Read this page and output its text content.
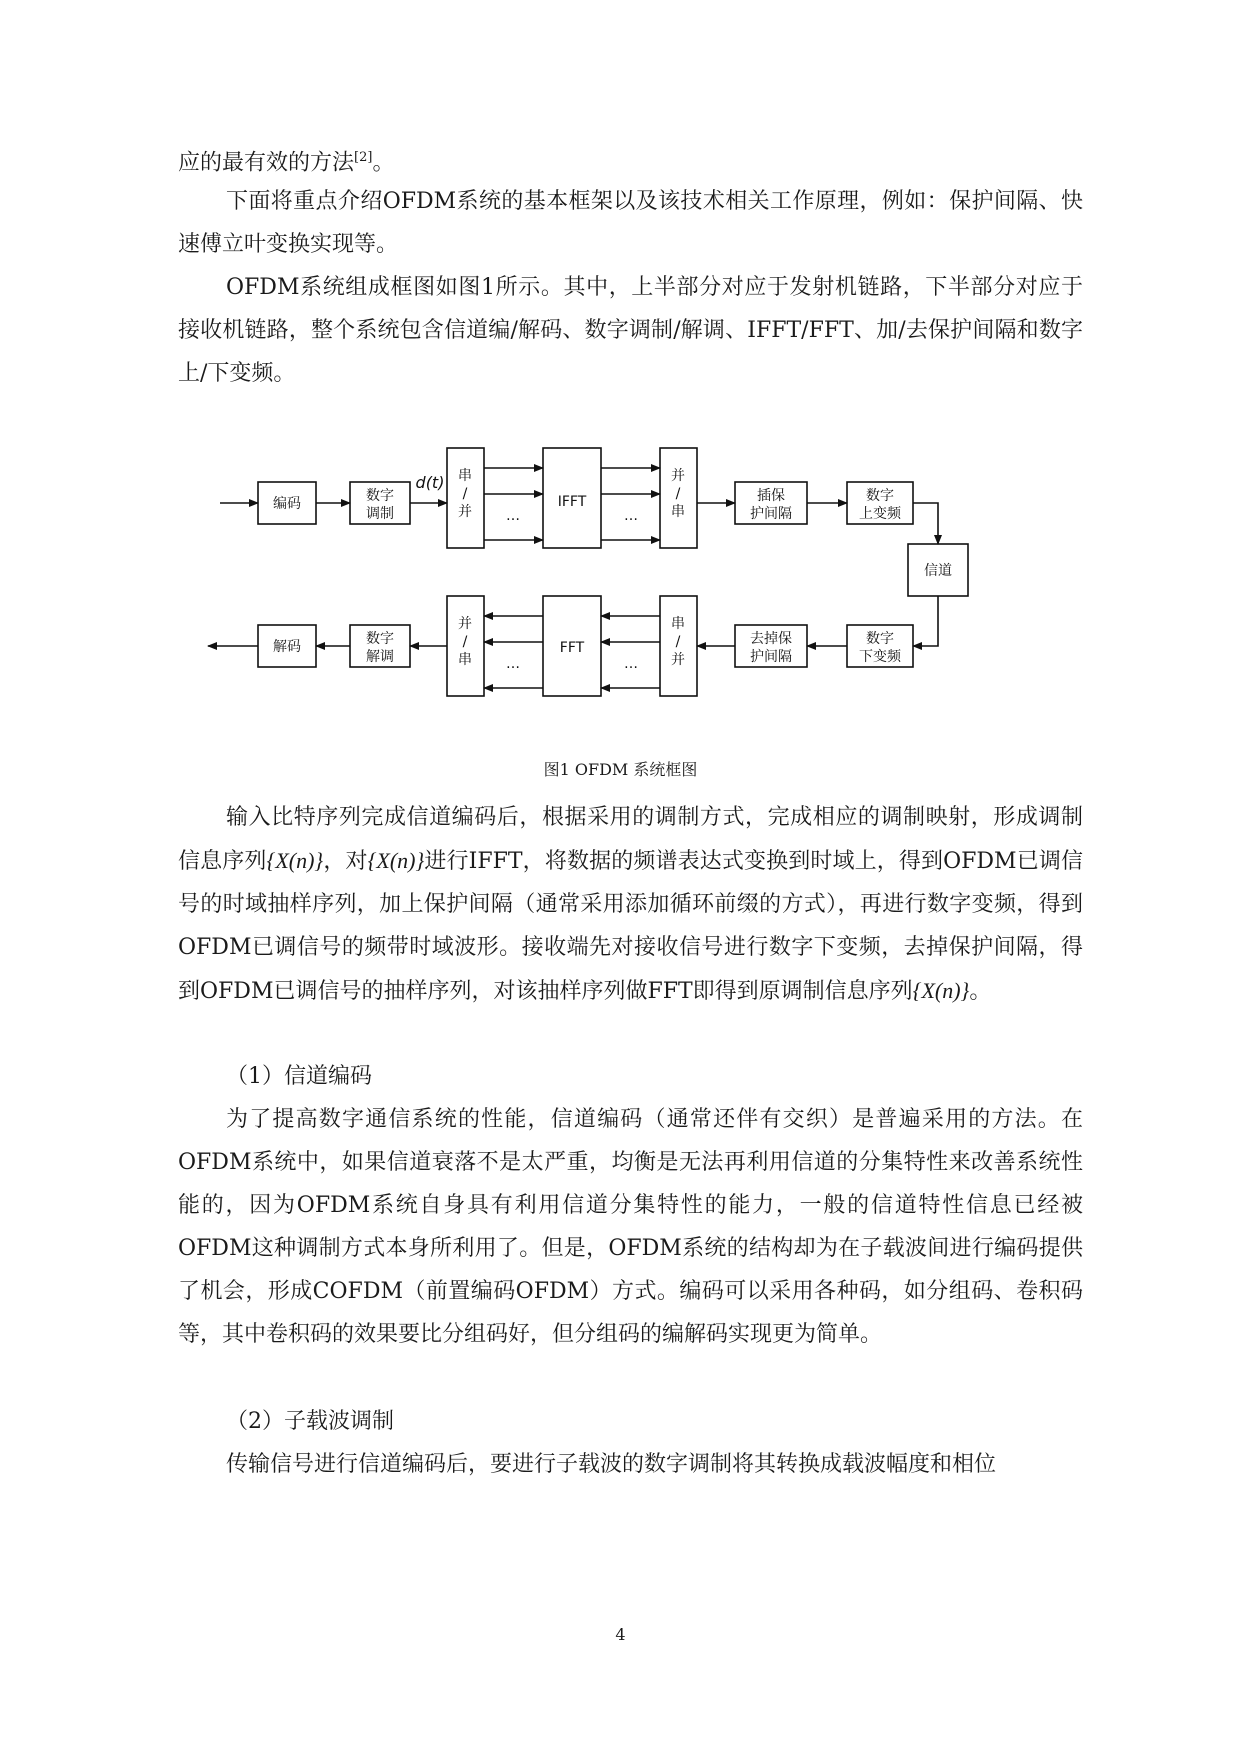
应的最有效的方法[2]。

下面将重点介绍OFDM系统的基本框架以及该技术相关工作原理，例如：保护间隔、快速傅立叶变换实现等。

OFDM系统组成框图如图1所示。其中，上半部分对应于发射机链路，下半部分对应于接收机链路，整个系统包含信道编/解码、数字调制/解调、IFFT/FFT、加/去保护间隔和数字上/下变频。

编码	数字
调制
d(t) 串
/
并 …
IFFT
…
并
/
串
插保
护间隔
数字
上变频
信道
数字
下变频
去掉保
护间隔
串
/
并
…
FFT
…
并
/
串
数字
解调
解码
图1 OFDM 系统框图

输入比特序列完成信道编码后，根据采用的调制方式，完成相应的调制映射，形成调制信息序列{X(n)}，对{X(n)}进行IFFT，将数据的频谱表达式变换到时域上，得到OFDM已调信号的时域抽样序列，加上保护间隔（通常采用添加循环前缀的方式），再进行数字变频，得到OFDM已调信号的频带时域波形。接收端先对接收信号进行数字下变频，去掉保护间隔，得到OFDM已调信号的抽样序列，对该抽样序列做FFT即得到原调制信息序列{X(n)}。

（1）信道编码

为了提高数字通信系统的性能，信道编码（通常还伴有交织）是普遍采用的方法。在OFDM系统中，如果信道衰落不是太严重，均衡是无法再利用信道的分集特性来改善系统性能的，因为OFDM系统自身具有利用信道分集特性的能力，一般的信道特性信息已经被OFDM这种调制方式本身所利用了。但是，OFDM系统的结构却为在子载波间进行编码提供了机会，形成COFDM（前置编码OFDM）方式。编码可以采用各种码，如分组码、卷积码等，其中卷积码的效果要比分组码好，但分组码的编解码实现更为简单。

（2）子载波调制

传输信号进行信道编码后，要进行子载波的数字调制将其转换成载波幅度和相位

4
